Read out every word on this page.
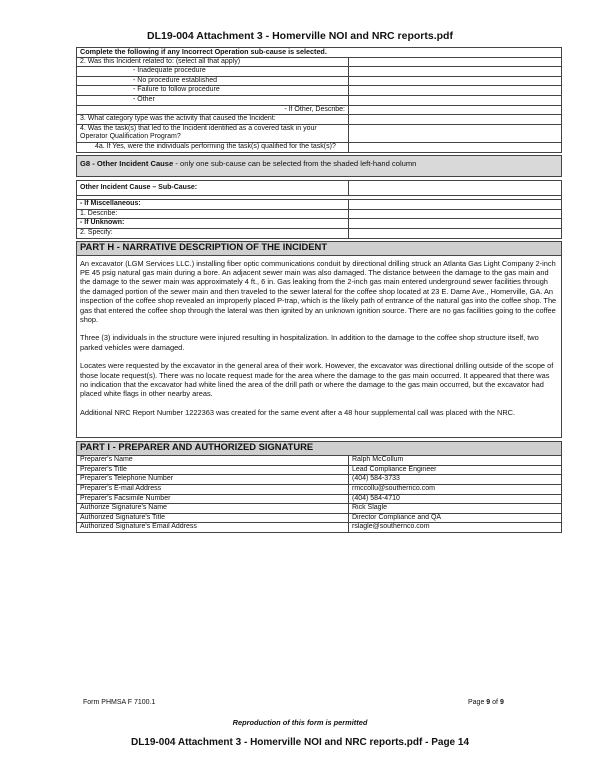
DL19-004 Attachment 3 - Homerville NOI and NRC reports.pdf
Complete the following if any Incorrect Operation sub-cause is selected.	
2. Was this Incident related to: (select all that apply)	
- Inadequate procedure	
- No procedure established	
- Failure to follow procedure	
- Other	
- If Other, Describe:	
3. What category type was the activity that caused the Incident:	
4. Was the task(s) that led to the Incident identified as a covered task in your Operator Qualification Program?	
4a. If Yes, were the individuals performing the task(s) qualified for the task(s)?	
G8 - Other Incident Cause - only one sub-cause can be selected from the shaded left-hand column
Other Incident Cause – Sub-Cause:	

- If Miscellaneous:	
1. Describe:	
- If Unknown:	
2. Specify:	
PART H - NARRATIVE DESCRIPTION OF THE INCIDENT

An excavator (LGM Services LLC.) installing fiber optic communications conduit by directional drilling struck an Atlanta Gas Light Company 2-inch PE 45 psig natural gas main during a bore. An adjacent sewer main was also damaged. The distance between the damage to the gas main and the damage to the sewer main was approximately 4 ft., 6 in. Gas leaking from the 2-inch gas main entered underground sewer facilities through the damaged portion of the sewer main and then traveled to the sewer lateral for the coffee shop located at 23 E. Dame Ave., Homerville, GA. An inspection of the coffee shop revealed an improperly placed P-trap, which is the likely path of entrance of the natural gas into the coffee shop. The gas that entered the coffee shop through the lateral was then ignited by an unknown ignition source. There are no gas facilities going to the coffee shop.

Three (3) individuals in the structure were injured resulting in hospitalization. In addition to the damage to the coffee shop structure itself, two parked vehicles were damaged.

Locates were requested by the excavator in the general area of their work. However, the excavator was directional drilling outside of the scope of those locate request(s). There was no locate request made for the area where the damage to the gas main occurred. It appeared that there was no indication that the excavator had white lined the area of the drill path or where the damage to the gas main occurred, but the excavator had placed white flags in other nearby areas.

Additional NRC Report Number 1222363 was created for the same event after a 48 hour supplemental call was placed with the NRC.

PART I - PREPARER AND AUTHORIZED SIGNATURE	
Preparer's Name	Ralph McCollum
Preparer's Title	Lead Compliance Engineer
Preparer's Telephone Number	(404) 584-3733
Preparer's E-mail Address	rmccollu@southernco.com
Preparer's Facsimile Number	(404) 584-4710
Authorize Signature's Name	Rick Slagle
Authorized Signature's Title	Director Compliance and QA
Authorized Signature's Email Address	rslagle@southernco.com
Form PHMSA F 7100.1	Page 9 of 9
Reproduction of this form is permitted
DL19-004 Attachment 3 - Homerville NOI and NRC reports.pdf - Page 14
